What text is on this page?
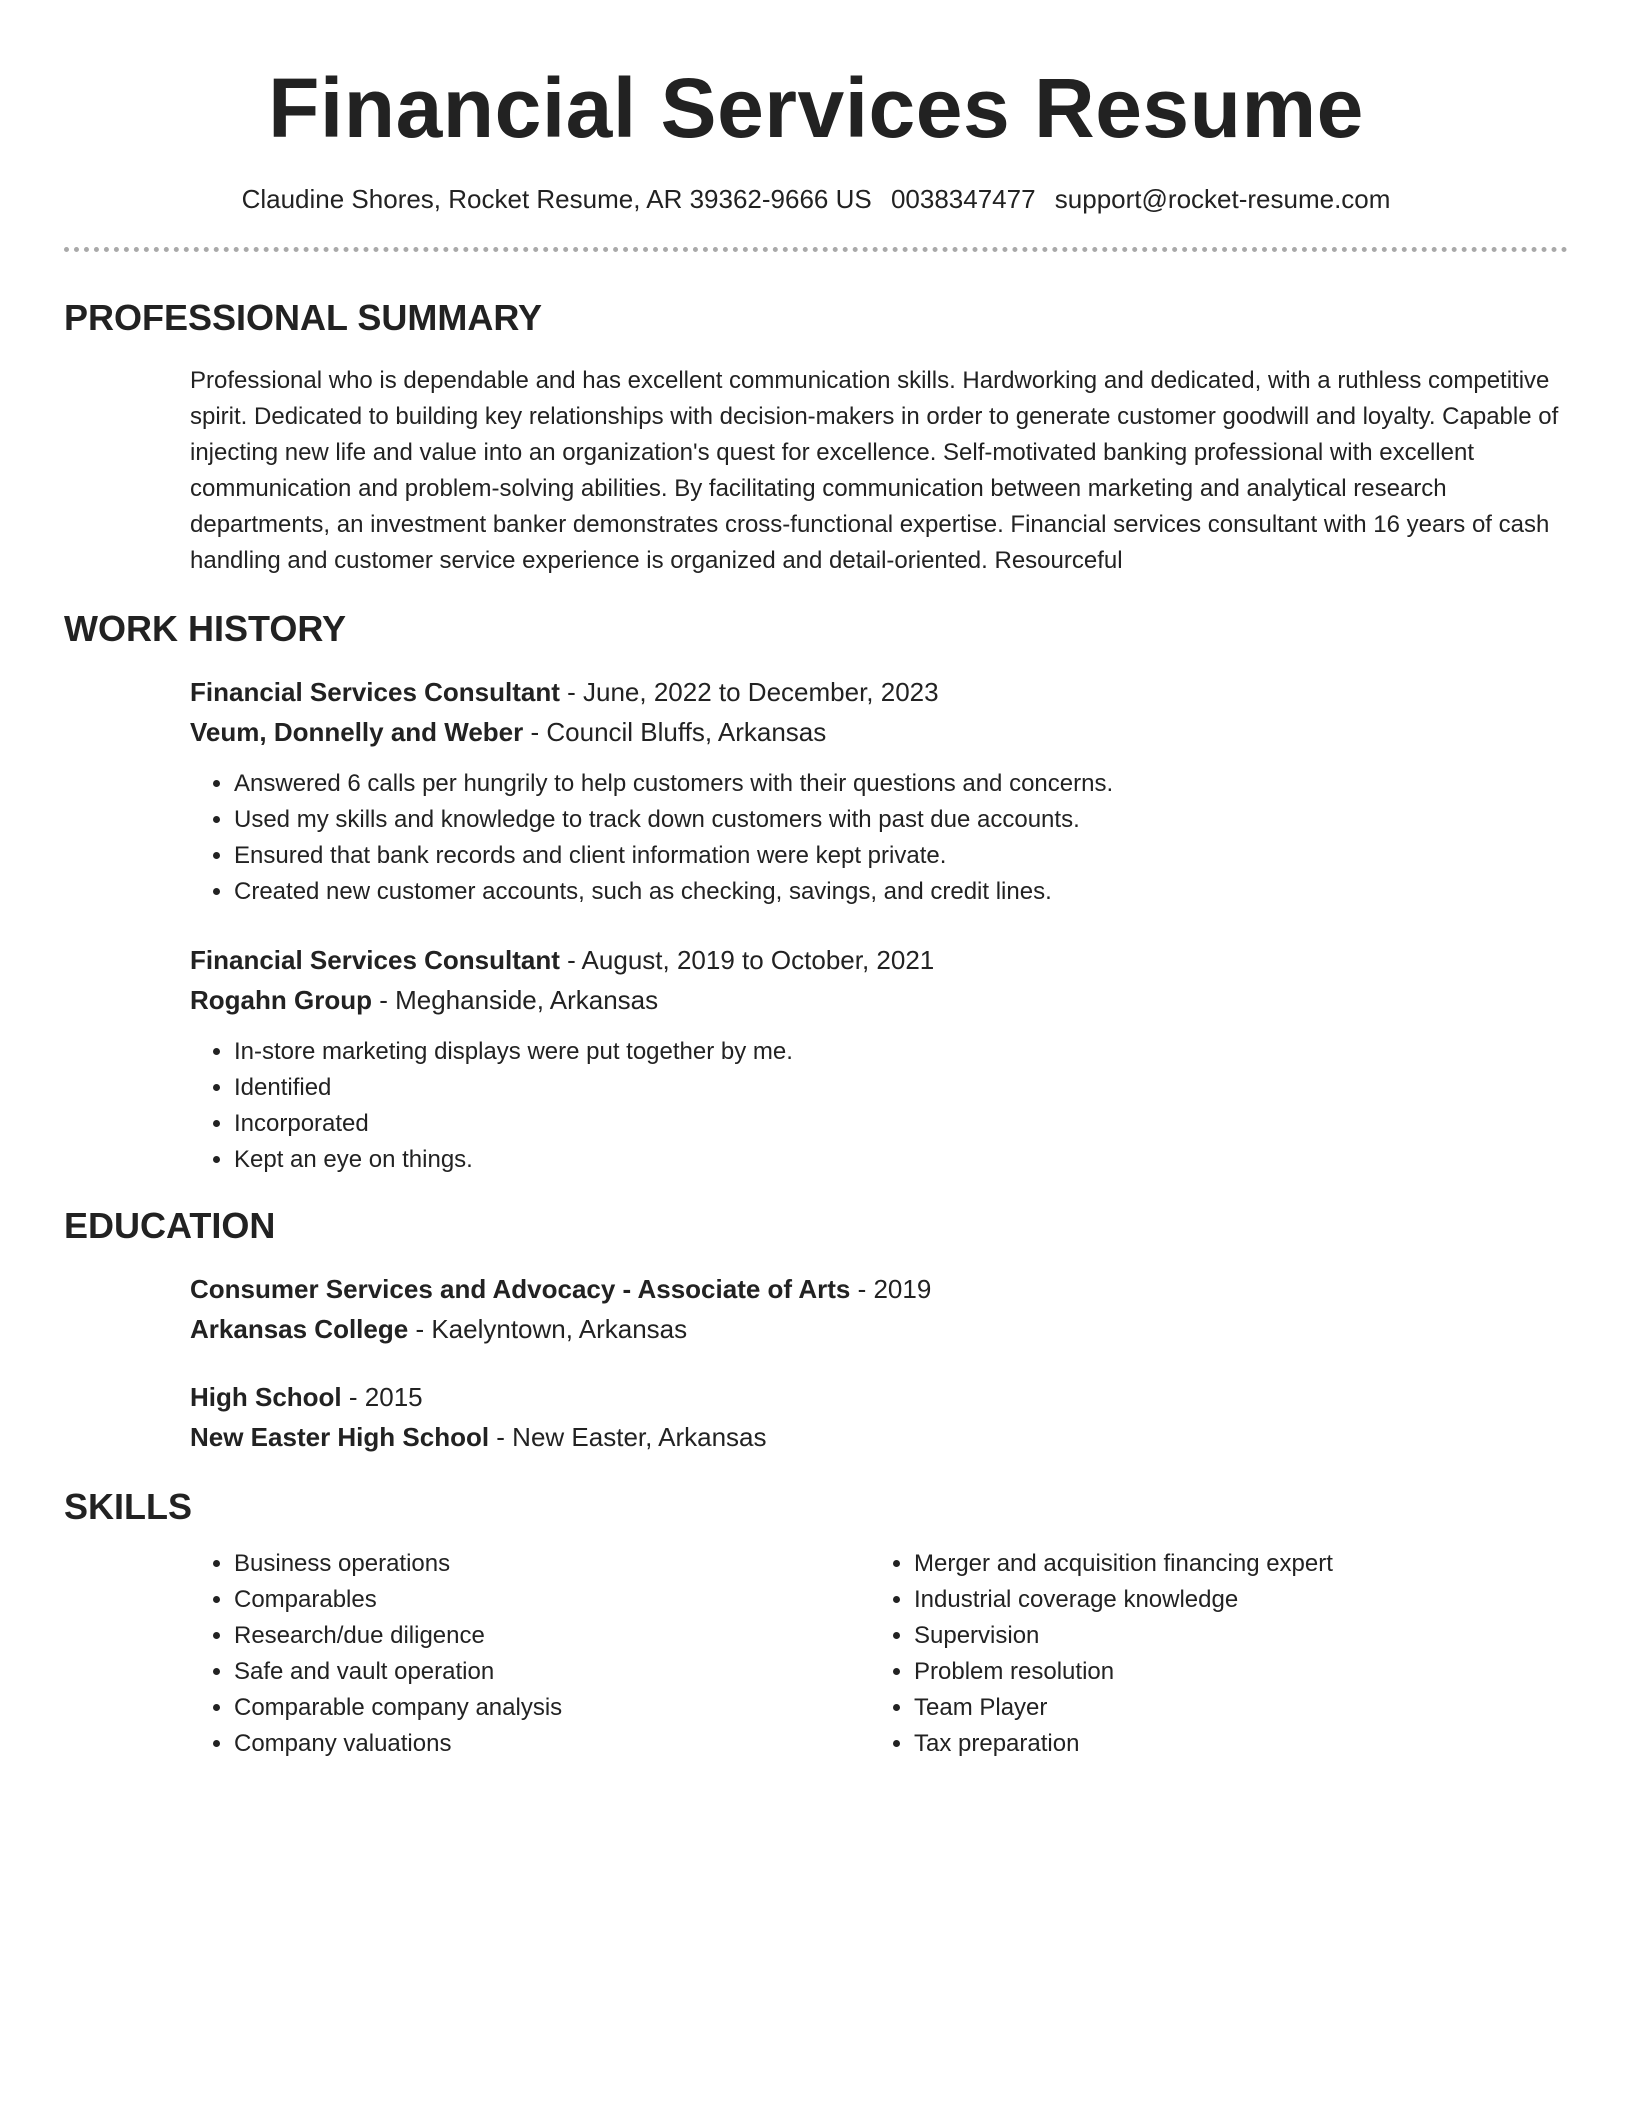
Financial Services Resume
Claudine Shores, Rocket Resume, AR 39362-9666 US 0038347477 support@rocket-resume.com
PROFESSIONAL SUMMARY

Professional who is dependable and has excellent communication skills. Hardworking and dedicated, with a ruthless competitive spirit. Dedicated to building key relationships with decision-makers in order to generate customer goodwill and loyalty. Capable of injecting new life and value into an organization's quest for excellence. Self-motivated banking professional with excellent communication and problem-solving abilities. By facilitating communication between marketing and analytical research departments, an investment banker demonstrates cross-functional expertise. Financial services consultant with 16 years of cash handling and customer service experience is organized and detail-oriented. Resourceful

WORK HISTORY
Financial Services Consultant - June, 2022 to December, 2023
Veum, Donnelly and Weber - Council Bluffs, Arkansas
• Answered 6 calls per hungrily to help customers with their questions and concerns.
• Used my skills and knowledge to track down customers with past due accounts.
• Ensured that bank records and client information were kept private.
• Created new customer accounts, such as checking, savings, and credit lines.
Financial Services Consultant - August, 2019 to October, 2021
Rogahn Group - Meghanside, Arkansas
• In-store marketing displays were put together by me.
• Identified
• Incorporated
• Kept an eye on things.
EDUCATION
Consumer Services and Advocacy - Associate of Arts - 2019
Arkansas College - Kaelyntown, Arkansas
High School - 2015
New Easter High School - New Easter, Arkansas
SKILLS
• Business operations
• Comparables
• Research/due diligence
• Safe and vault operation
• Comparable company analysis
• Company valuations
• Merger and acquisition financing expert
• Industrial coverage knowledge
• Supervision
• Problem resolution
• Team Player
• Tax preparation
